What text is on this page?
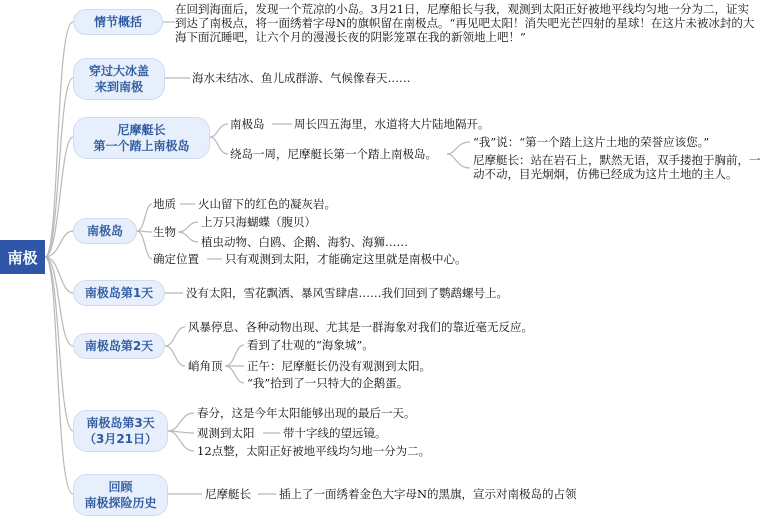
南极
情节概括
穿过大冰盖
来到南极
尼摩艇长
第一个踏上南极岛
南极岛
南极岛第1天
南极岛第2天
南极岛第3天
（3月21日）
回顾
南极探险历史
在回到海面后，发现一个荒凉的小岛。3月21日，尼摩船长与我，观测到太阳正好被地平线均匀地一分为二，证实到达了南极点，将一面绣着字母N的旗帜留在南极点。“再见吧太阳！消失吧光芒四射的星球！在这片未被冰封的大海下面沉睡吧，让六个月的漫漫长夜的阴影笼罩在我的新领地上吧！”
海水未结冰、鱼儿成群游、气候像春天……
南极岛	周长四五海里，水道将大片陆地隔开。
绕岛一周，尼摩艇长第一个踏上南极岛。
“我”说：“第一个踏上这片土地的荣誉应该您。”
尼摩艇长：站在岩石上，默然无语，双手搂抱于胸前，一动不动，目光炯炯，仿佛已经成为这片土地的主人。
地质 火山留下的红色的凝灰岩。
生物
上万只海蝴蝶（腹贝）
植虫动物、白鸥、企鹅、海豹、海狮……
确定位置 只有观测到太阳，才能确定这里就是南极中心。
没有太阳，雪花飘洒、暴风雪肆虐……我们回到了鹦鹉螺号上。
风暴停息、各种动物出现、尤其是一群海象对我们的靠近毫无反应。
峭角顶
看到了壮观的“海象城”。
正午：尼摩艇长仍没有观测到太阳。
“我”拾到了一只特大的企鹅蛋。
春分，这是今年太阳能够出现的最后一天。
观测到太阳 带十字线的望远镜。
12点整，太阳正好被地平线均匀地一分为二。
尼摩艇长 插上了一面绣着金色大字母N的黑旗，宣示对南极岛的占领
